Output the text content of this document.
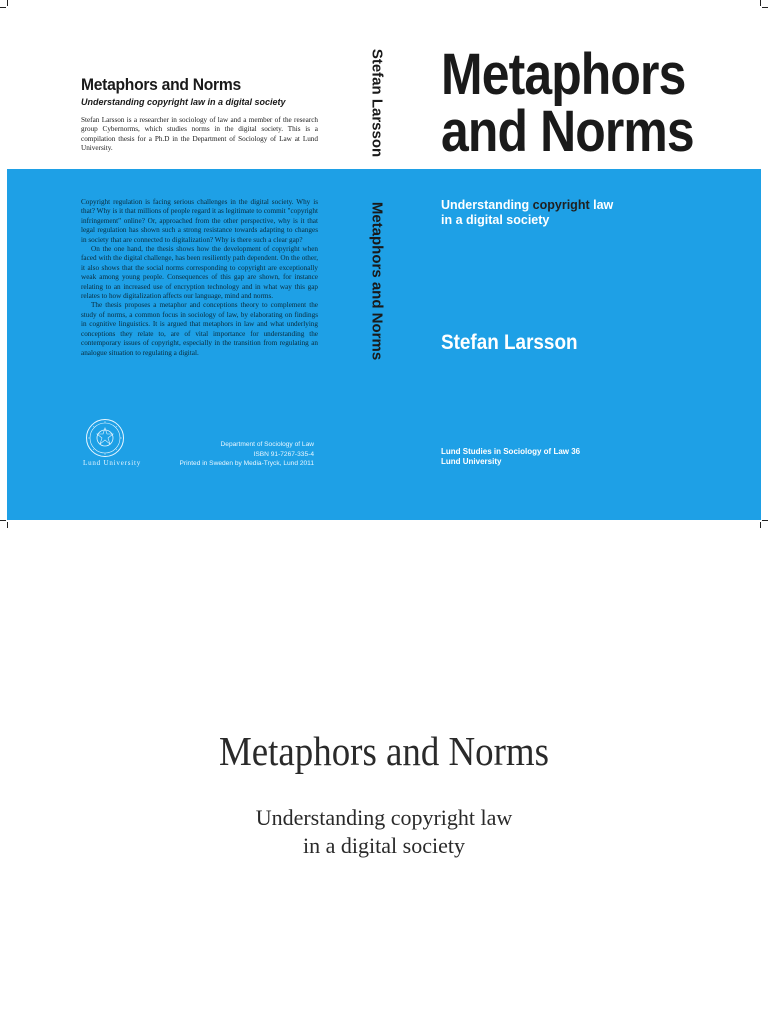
Metaphors and Norms
Understanding copyright law in a digital society

Stefan Larsson is a researcher in sociology of law and a member of the research group Cybernorms, which studies norms in the digital society. This is a compilation thesis for a Ph.D in the Department of Sociology of Law at Lund University.

Copyright regulation is facing serious challenges in the digital society. Why is that? Why is it that millions of people regard it as legitimate to commit "copyright infringement" online? Or, approached from the other perspective, why is it that legal regulation has shown such a strong resistance towards adapting to changes in society that are connected to digitalization? Why is there such a clear gap?

On the one hand, the thesis shows how the development of copyright when faced with the digital challenge, has been resiliently path dependent. On the other, it also shows that the social norms corresponding to copyright are exceptionally weak among young people. Consequences of this gap are shown, for instance relating to an increased use of encryption technology and in what way this gap relates to how digitalization affects our language, mind and norms.

The thesis proposes a metaphor and conceptions theory to complement the study of norms, a common focus in sociology of law, by elaborating on findings in cognitive linguistics. It is argued that metaphors in law and what underlying conceptions they relate to, are of vital importance for understanding the contemporary issues of copyright, especially in the transition from regulating an analogue situation to regulating a digital.

Lund University
Department of Sociology of Law
ISBN 91-7267-335-4
Printed in Sweden by Media-Tryck, Lund 2011
Stefan Larsson
Metaphors and Norms
Metaphors
and Norms
Understanding copyright law
in a digital society
Stefan Larsson
Lund Studies in Sociology of Law 36
Lund University
Metaphors and Norms
Understanding copyright law
in a digital society
